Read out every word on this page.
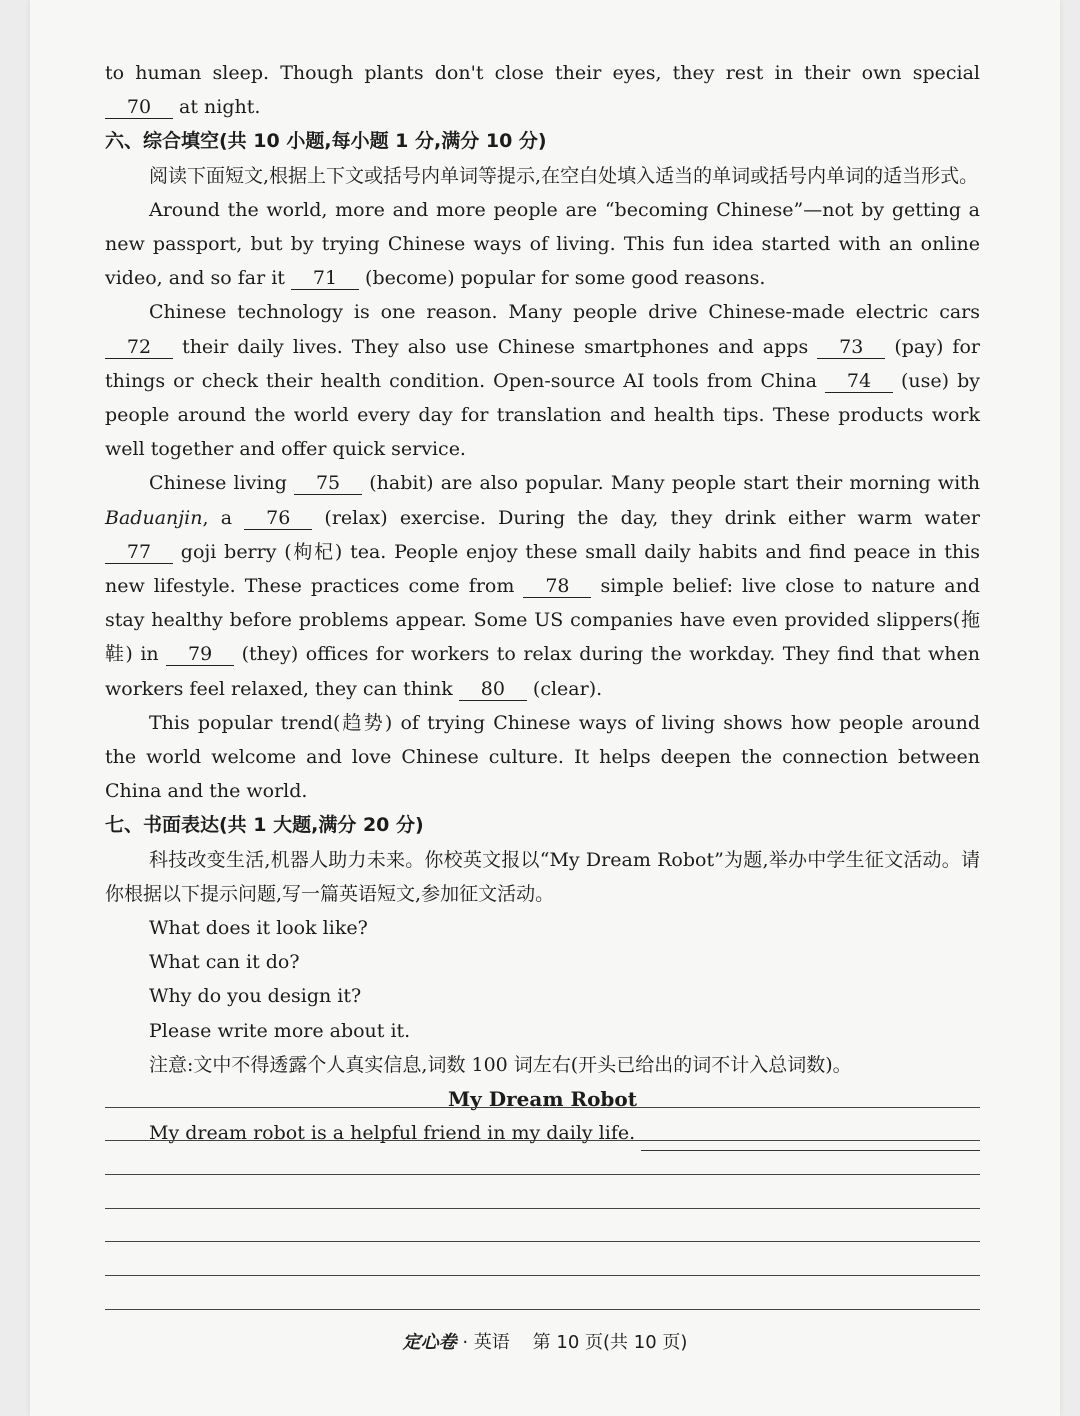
to human sleep. Though plants don't close their eyes, they rest in their own special 70 at night.

六、综合填空(共 10 小题,每小题 1 分,满分 10 分)

阅读下面短文,根据上下文或括号内单词等提示,在空白处填入适当的单词或括号内单词的适当形式。

Around the world, more and more people are “becoming Chinese”—not by getting a new passport, but by trying Chinese ways of living. This fun idea started with an online video, and so far it 71 (become) popular for some good reasons.

Chinese technology is one reason. Many people drive Chinese-made electric cars 72 their daily lives. They also use Chinese smartphones and apps 73 (pay) for things or check their health condition. Open-source AI tools from China 74 (use) by people around the world every day for translation and health tips. These products work well together and offer quick service.

Chinese living 75 (habit) are also popular. Many people start their morning with Baduanjin, a 76 (relax) exercise. During the day, they drink either warm water 77 goji berry (枸杞) tea. People enjoy these small daily habits and find peace in this new lifestyle. These practices come from 78 simple belief: live close to nature and stay healthy before problems appear. Some US companies have even provided slippers(拖鞋) in 79 (they) offices for workers to relax during the workday. They find that when workers feel relaxed, they can think 80 (clear).

This popular trend(趋势) of trying Chinese ways of living shows how people around the world welcome and love Chinese culture. It helps deepen the connection between China and the world.

七、书面表达(共 1 大题,满分 20 分)

科技改变生活,机器人助力未来。你校英文报以“My Dream Robot”为题,举办中学生征文活动。请你根据以下提示问题,写一篇英语短文,参加征文活动。

What does it look like?

What can it do?

Why do you design it?

Please write more about it.

注意:文中不得透露个人真实信息,词数 100 词左右(开头已给出的词不计入总词数)。

My Dream Robot

My dream robot is a helpful friend in my daily life.
定心卷 · 英语 第 10 页(共 10 页)
